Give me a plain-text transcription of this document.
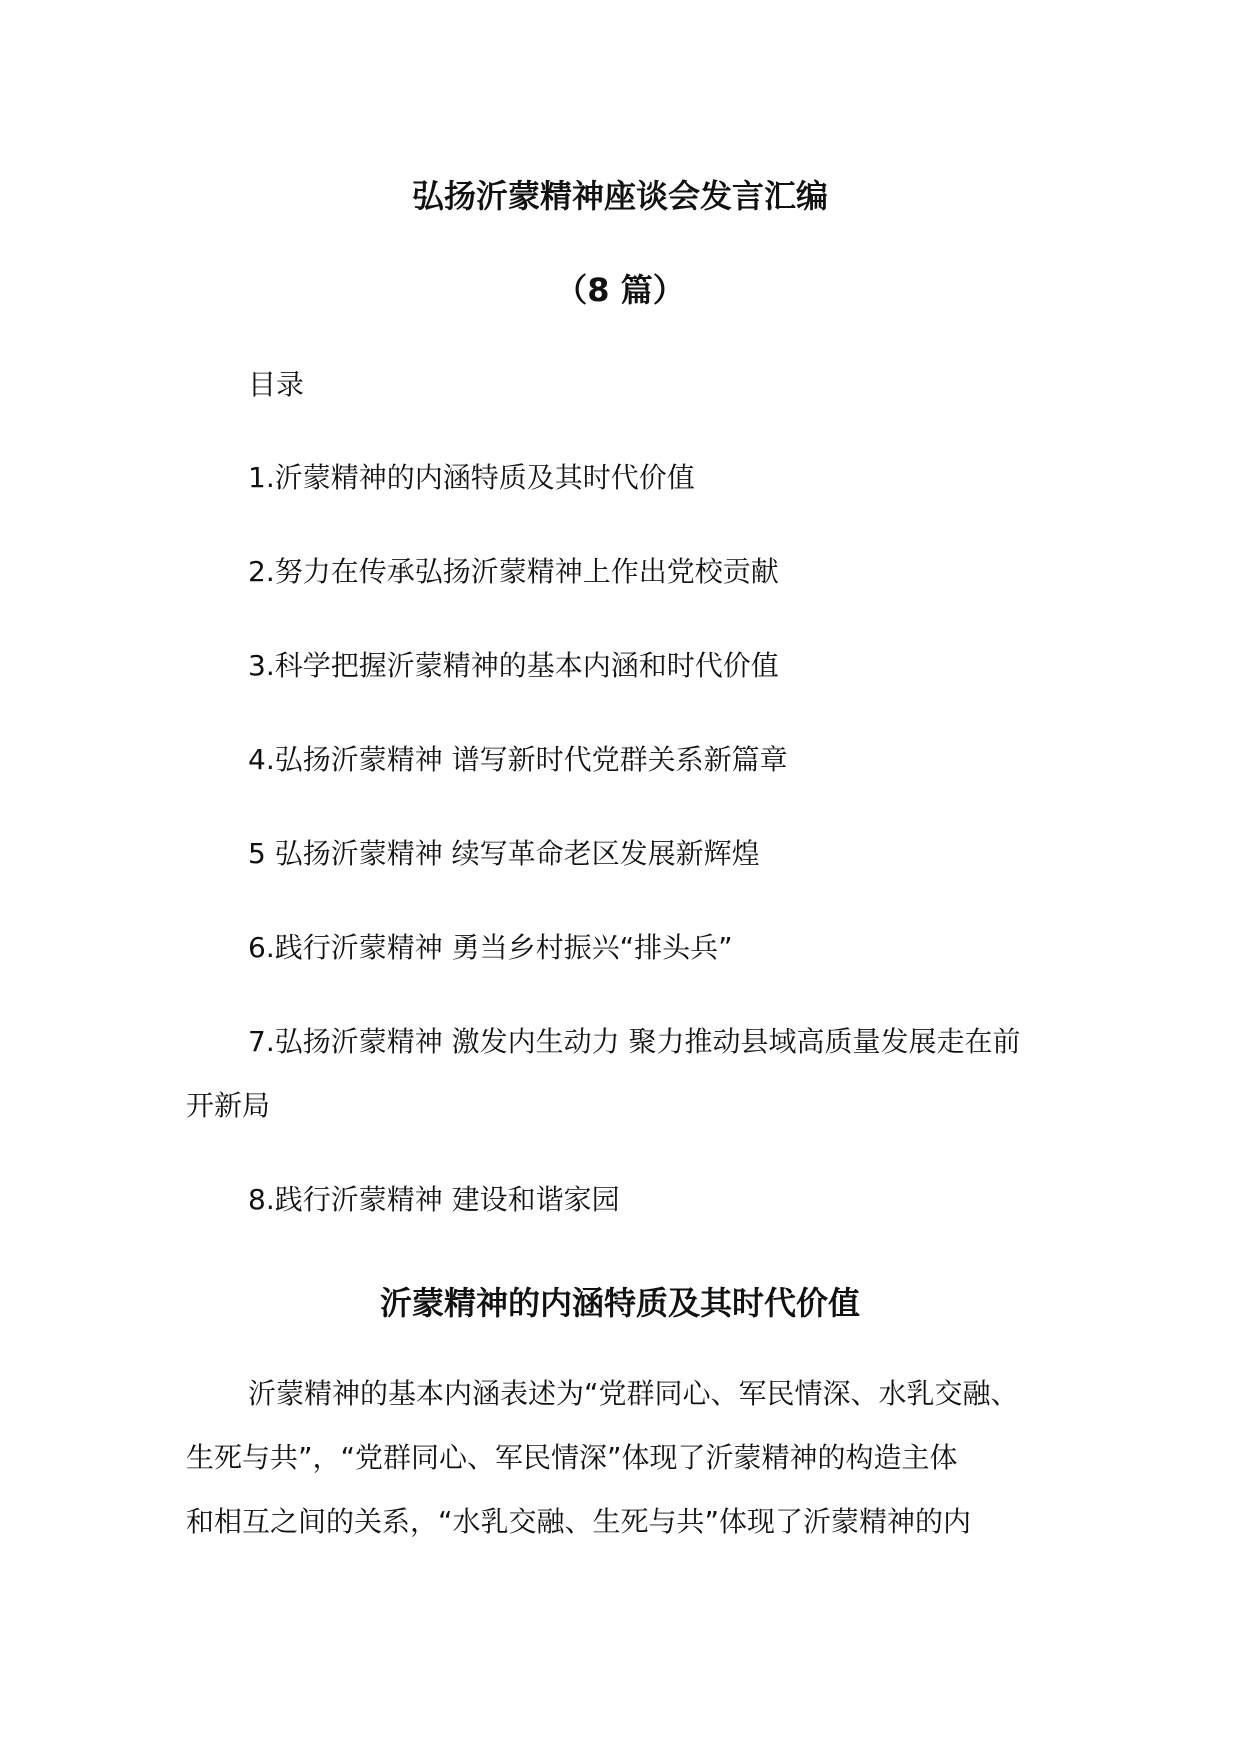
弘扬沂蒙精神座谈会发言汇编
（8 篇）
目录
1.沂蒙精神的内涵特质及其时代价值
2.努力在传承弘扬沂蒙精神上作出党校贡献
3.科学把握沂蒙精神的基本内涵和时代价值
4.弘扬沂蒙精神 谱写新时代党群关系新篇章
5 弘扬沂蒙精神 续写革命老区发展新辉煌
6.践行沂蒙精神 勇当乡村振兴“排头兵”
7.弘扬沂蒙精神 激发内生动力 聚力推动县域高质量发展走在前
开新局
8.践行沂蒙精神 建设和谐家园
沂蒙精神的内涵特质及其时代价值
沂蒙精神的基本内涵表述为“党群同心、军民情深、水乳交融、
生死与共”，“党群同心、军民情深”体现了沂蒙精神的构造主体
和相互之间的关系，“水乳交融、生死与共”体现了沂蒙精神的内
